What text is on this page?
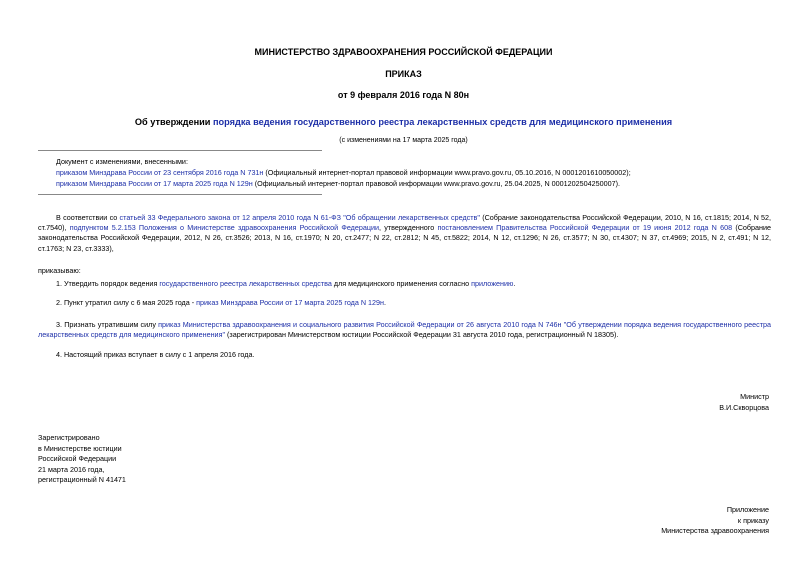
МИНИСТЕРСТВО ЗДРАВООХРАНЕНИЯ РОССИЙСКОЙ ФЕДЕРАЦИИ
ПРИКАЗ
от 9 февраля 2016 года N 80н
Об утверждении порядка ведения государственного реестра лекарственных средств для медицинского применения
(с изменениями на 17 марта 2025 года)
Документ с изменениями, внесенными:
приказом Минздрава России от 23 сентября 2016 года N 731н (Официальный интернет-портал правовой информации www.pravo.gov.ru, 05.10.2016, N 0001201610050002);
приказом Минздрава России от 17 марта 2025 года N 129н (Официальный интернет-портал правовой информации www.pravo.gov.ru, 25.04.2025, N 0001202504250007).
В соответствии со статьей 33 Федерального закона от 12 апреля 2010 года N 61-ФЗ "Об обращении лекарственных средств" (Собрание законодательства Российской Федерации, 2010, N 16, ст.1815; 2014, N 52, ст.7540), подпунктом 5.2.153 Положения о Министерстве здравоохранения Российской Федерации, утвержденного постановлением Правительства Российской Федерации от 19 июня 2012 года N 608 (Собрание законодательства Российской Федерации, 2012, N 26, ст.3526; 2013, N 16, ст.1970; N 20, ст.2477; N 22, ст.2812; N 45, ст.5822; 2014, N 12, ст.1296; N 26, ст.3577; N 30, ст.4307; N 37, ст.4969; 2015, N 2, ст.491; N 12, ст.1763; N 23, ст.3333),
приказываю:
1. Утвердить порядок ведения государственного реестра лекарственных средства для медицинского применения согласно приложению.
2. Пункт утратил силу с 6 мая 2025 года - приказ Минздрава России от 17 марта 2025 года N 129н.
3. Признать утратившим силу приказ Министерства здравоохранения и социального развития Российской Федерации от 26 августа 2010 года N 746н "Об утверждении порядка ведения государственного реестра лекарственных средств для медицинского применения" (зарегистрирован Министерством юстиции Российской Федерации 31 августа 2010 года, регистрационный N 18305).
4. Настоящий приказ вступает в силу с 1 апреля 2016 года.
Министр
В.И.Скворцова
Зарегистрировано
в Министерстве юстиции
Российской Федерации
21 марта 2016 года,
регистрационный N 41471
Приложение
к приказу
Министерства здравоохранения
